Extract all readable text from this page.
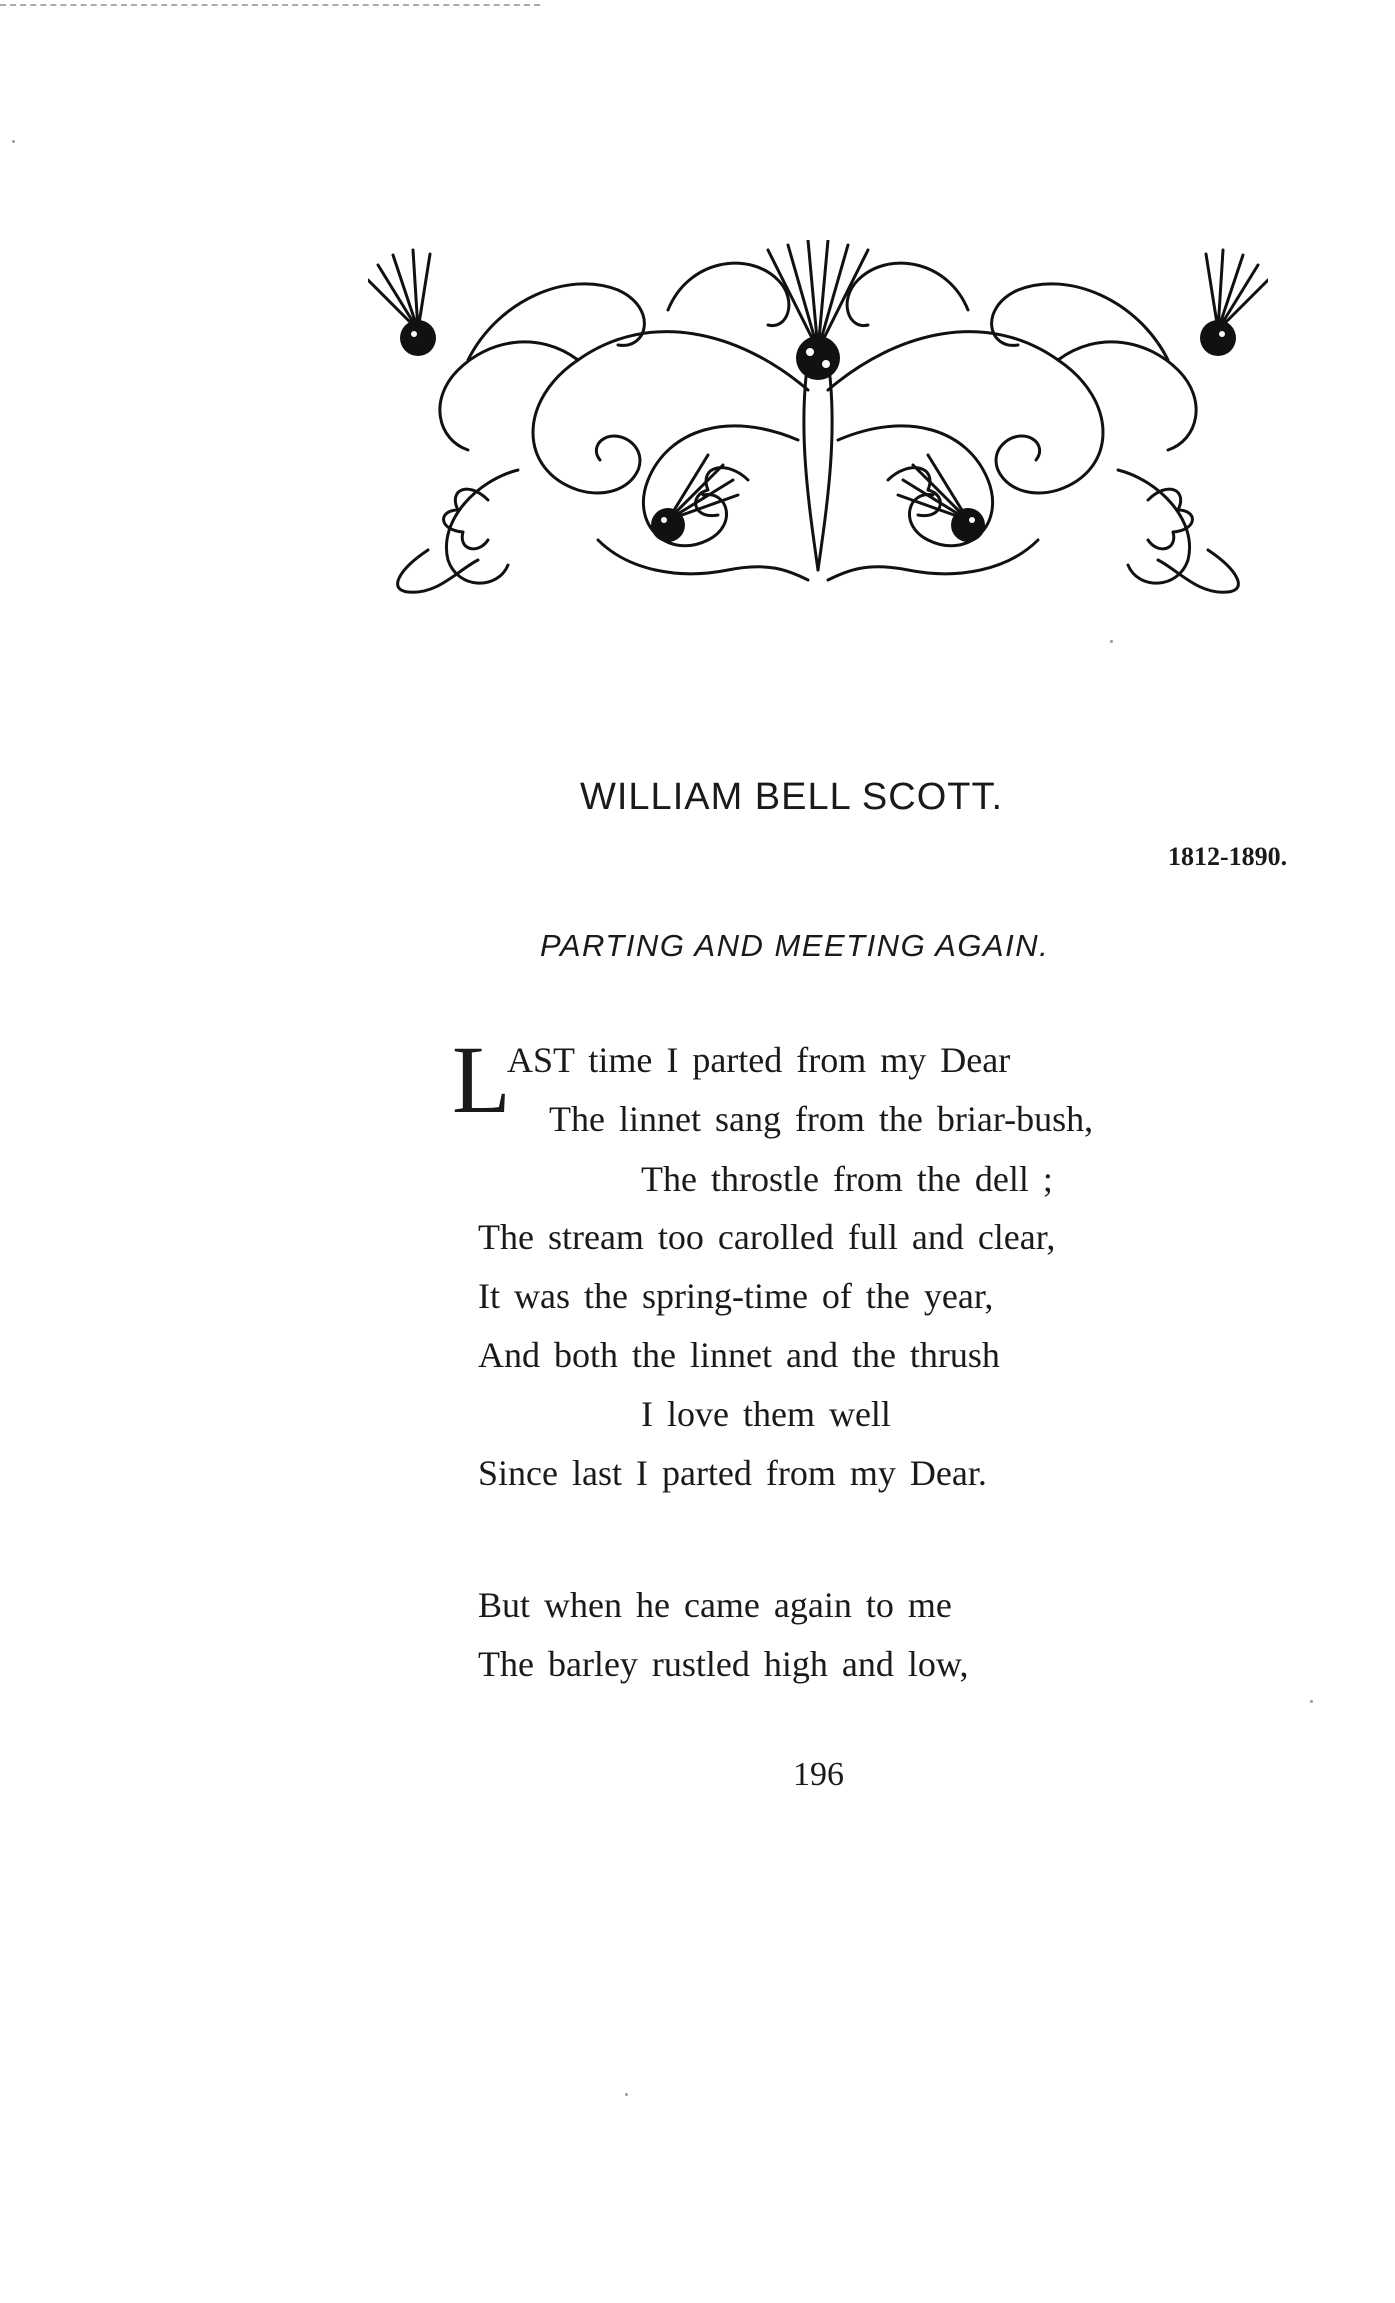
WILLIAM BELL SCOTT.
1812-1890.
PARTING AND MEETING AGAIN.
L
AST time I parted from my Dear
The linnet sang from the briar-bush,
The throstle from the dell ;
The stream too carolled full and clear,
It was the spring-time of the year,
And both the linnet and the thrush
I love them well
Since last I parted from my Dear.
But when he came again to me
The barley rustled high and low,
196
